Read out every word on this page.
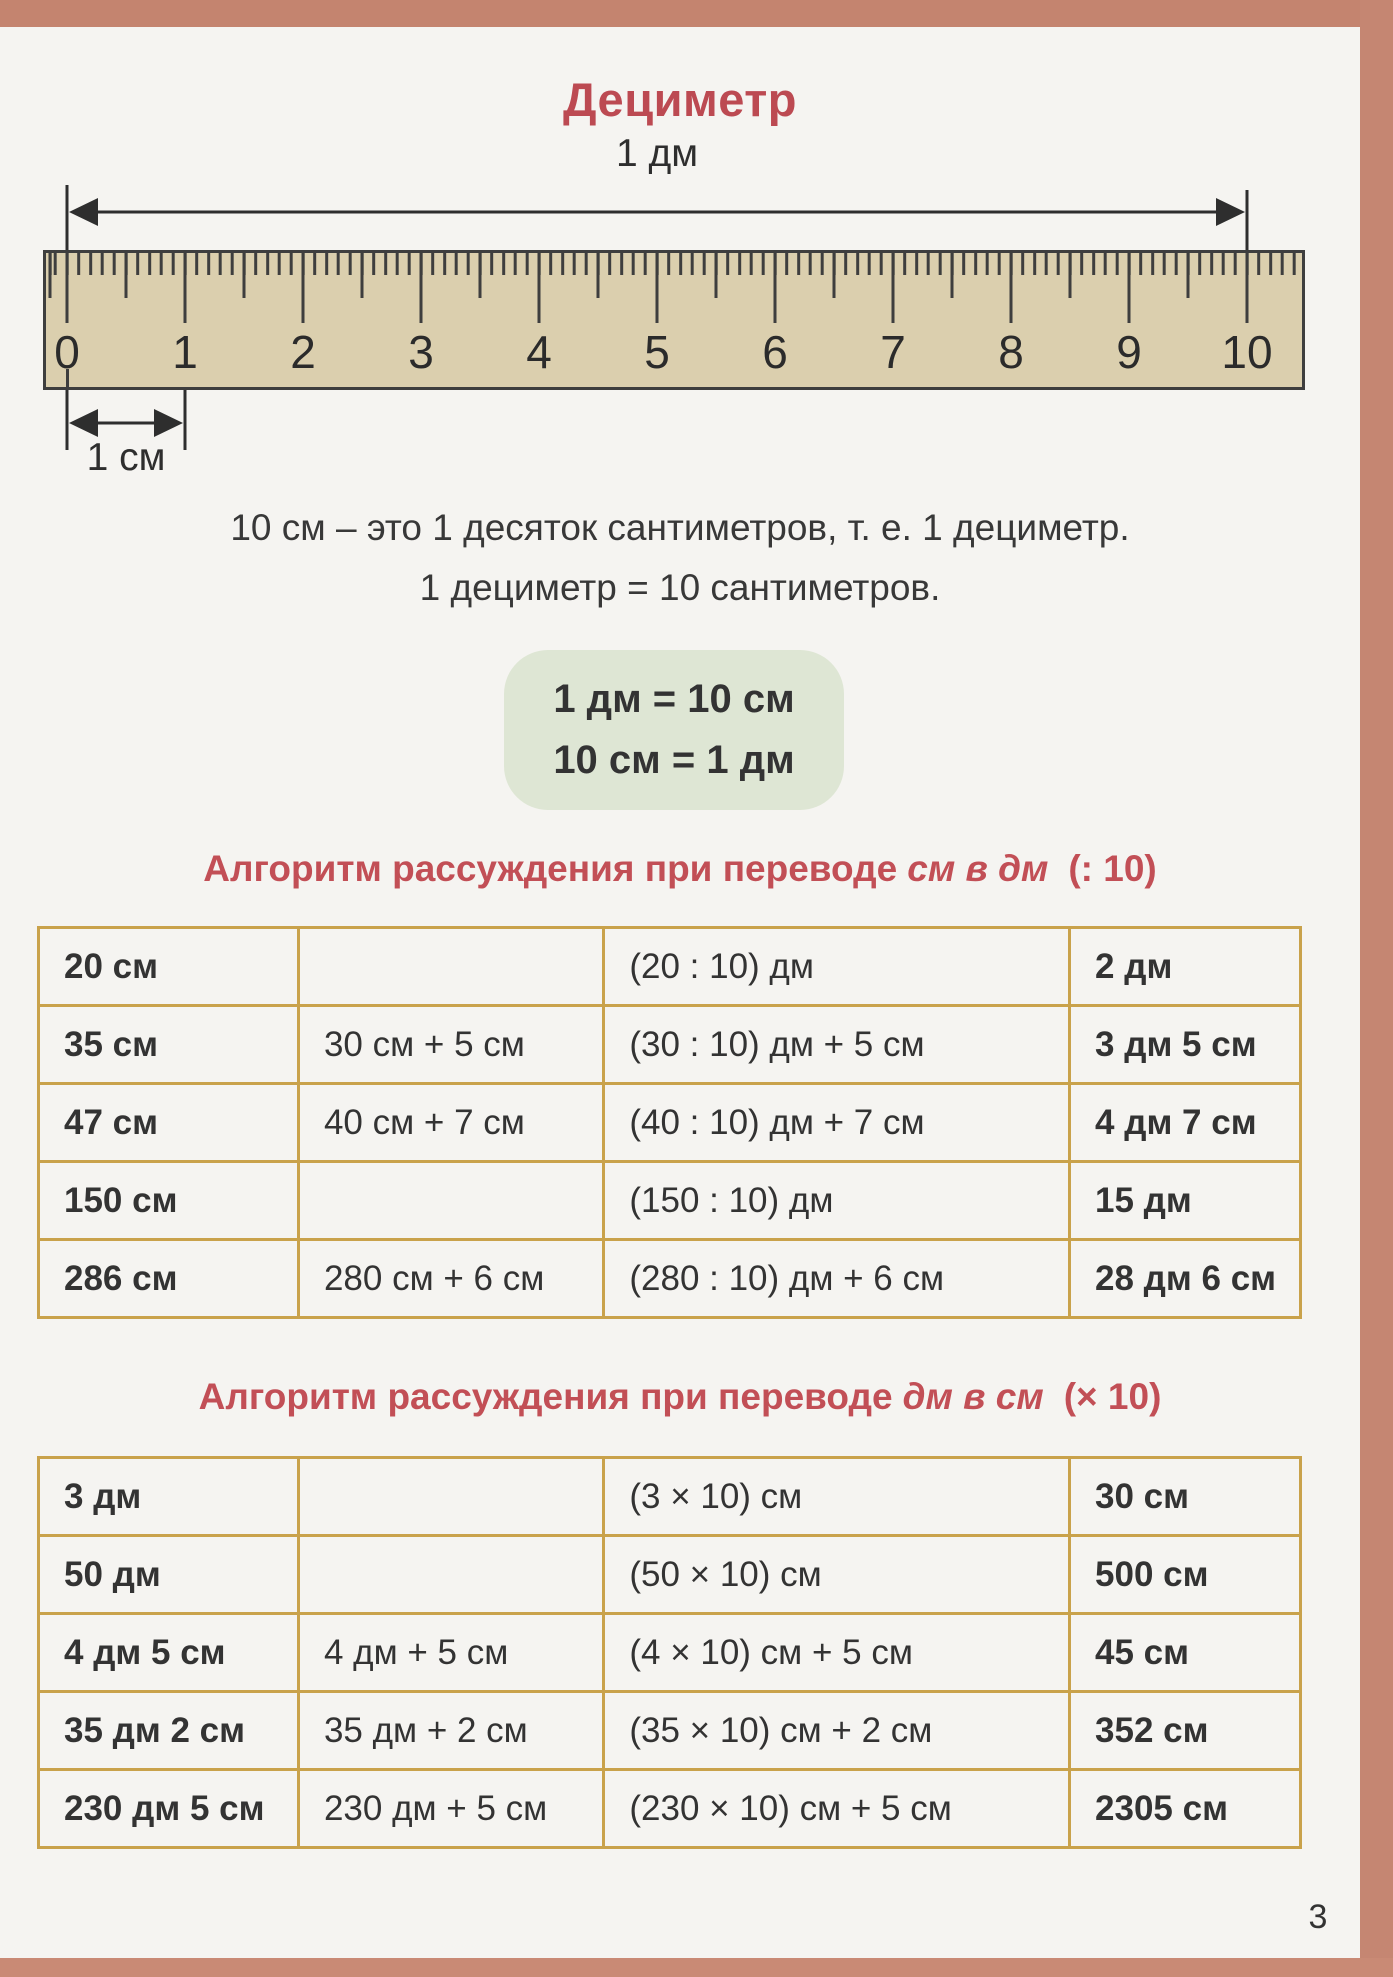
Дециметр
1 дм
0 1 2 3 4 5 6 7 8 9 10
1 см
10 см – это 1 десяток сантиметров, т. е. 1 дециметр.
1 дециметр = 10 сантиметров.
1 дм = 10 см
10 см = 1 дм
Алгоритм рассуждения при переводе см в дм (: 10)
20 см		(20 : 10) дм	2 дм
35 см	30 см + 5 см	(30 : 10) дм + 5 см	3 дм 5 см
47 см	40 см + 7 см	(40 : 10) дм + 7 см	4 дм 7 см
150 см		(150 : 10) дм	15 дм
286 см	280 см + 6 см	(280 : 10) дм + 6 см	28 дм 6 см
Алгоритм рассуждения при переводе дм в см (× 10)
3 дм		(3 × 10) см	30 см
50 дм		(50 × 10) см	500 см
4 дм 5 см	4 дм + 5 см	(4 × 10) см + 5 см	45 см
35 дм 2 см	35 дм + 2 см	(35 × 10) см + 2 см	352 см
230 дм 5 см	230 дм + 5 см	(230 × 10) см + 5 см	2305 см
3
